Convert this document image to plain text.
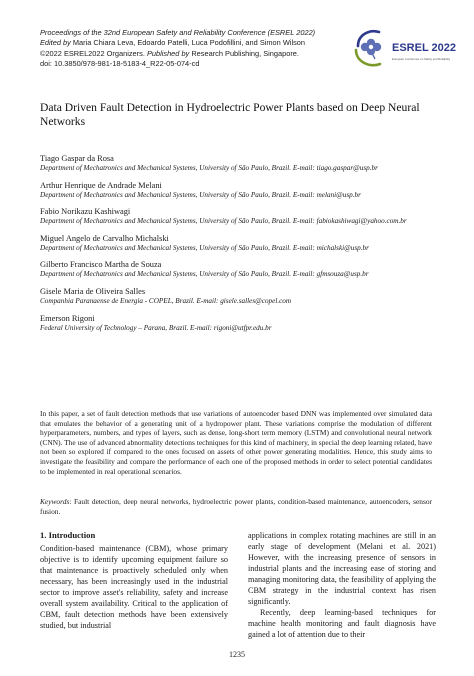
Proceedings of the 32nd European Safety and Reliability Conference (ESREL 2022)
Edited by Maria Chiara Leva, Edoardo Patelli, Luca Podofillini, and Simon Wilson
©2022 ESREL2022 Organizers. Published by Research Publishing, Singapore.
doi: 10.3850/978-981-18-5183-4_R22-05-074-cd
ESREL 2022
European Conference on Safety and Reliability
Data Driven Fault Detection in Hydroelectric Power Plants based on Deep Neural Networks

Tiago Gaspar da Rosa

Department of Mechatronics and Mechanical Systems, University of São Paulo, Brazil. E-mail: tiago.gaspar@usp.br

Arthur Henrique de Andrade Melani

Department of Mechatronics and Mechanical Systems, University of São Paulo, Brazil. E-mail: melani@usp.br

Fabio Norikazu Kashiwagi

Department of Mechatronics and Mechanical Systems, University of São Paulo, Brazil. E-mail: fabiokashiwagi@yahoo.com.br

Miguel Angelo de Carvalho Michalski

Department of Mechatronics and Mechanical Systems, University of São Paulo, Brazil. E-mail: michalski@usp.br

Gilberto Francisco Martha de Souza

Department of Mechatronics and Mechanical Systems, University of São Paulo, Brazil. E-mail: gfmsouza@usp.br

Gisele Maria de Oliveira Salles

Companhia Paranaense de Energia - COPEL, Brazil. E-mail: gisele.salles@copel.com

Emerson Rigoni

Federal University of Technology – Parana, Brazil. E-mail: rigoni@utfpr.edu.br

In this paper, a set of fault detection methods that use variations of autoencoder based DNN was implemented over simulated data that emulates the behavior of a generating unit of a hydropower plant. These variations comprise the modulation of different hyperparameters, numbers, and types of layers, such as dense, long-short term memory (LSTM) and convolutional neural network (CNN). The use of advanced abnormality detections techniques for this kind of machinery, in special the deep learning related, have not been so explored if compared to the ones focused on assets of other power generating modalities. Hence, this study aims to investigate the feasibility and compare the performance of each one of the proposed methods in order to select potential candidates to be implemented in real operational scenarios.

Keywords: Fault detection, deep neural networks, hydroelectric power plants, condition-based maintenance, autoencoders, sensor fusion.

1. Introduction

Condition-based maintenance (CBM), whose primary objective is to identify upcoming equipment failure so that maintenance is proactively scheduled only when necessary, has been increasingly used in the industrial sector to improve asset's reliability, safety and increase overall system availability. Critical to the application of CBM, fault detection methods have been extensively studied, but industrial

applications in complex rotating machines are still in an early stage of development (Melani et al. 2021) However, with the increasing presence of sensors in industrial plants and the increasing ease of storing and managing monitoring data, the feasibility of applying the CBM strategy in the industrial context has risen significantly.

Recently, deep learning-based techniques for machine health monitoring and fault diagnosis have gained a lot of attention due to their

1235
